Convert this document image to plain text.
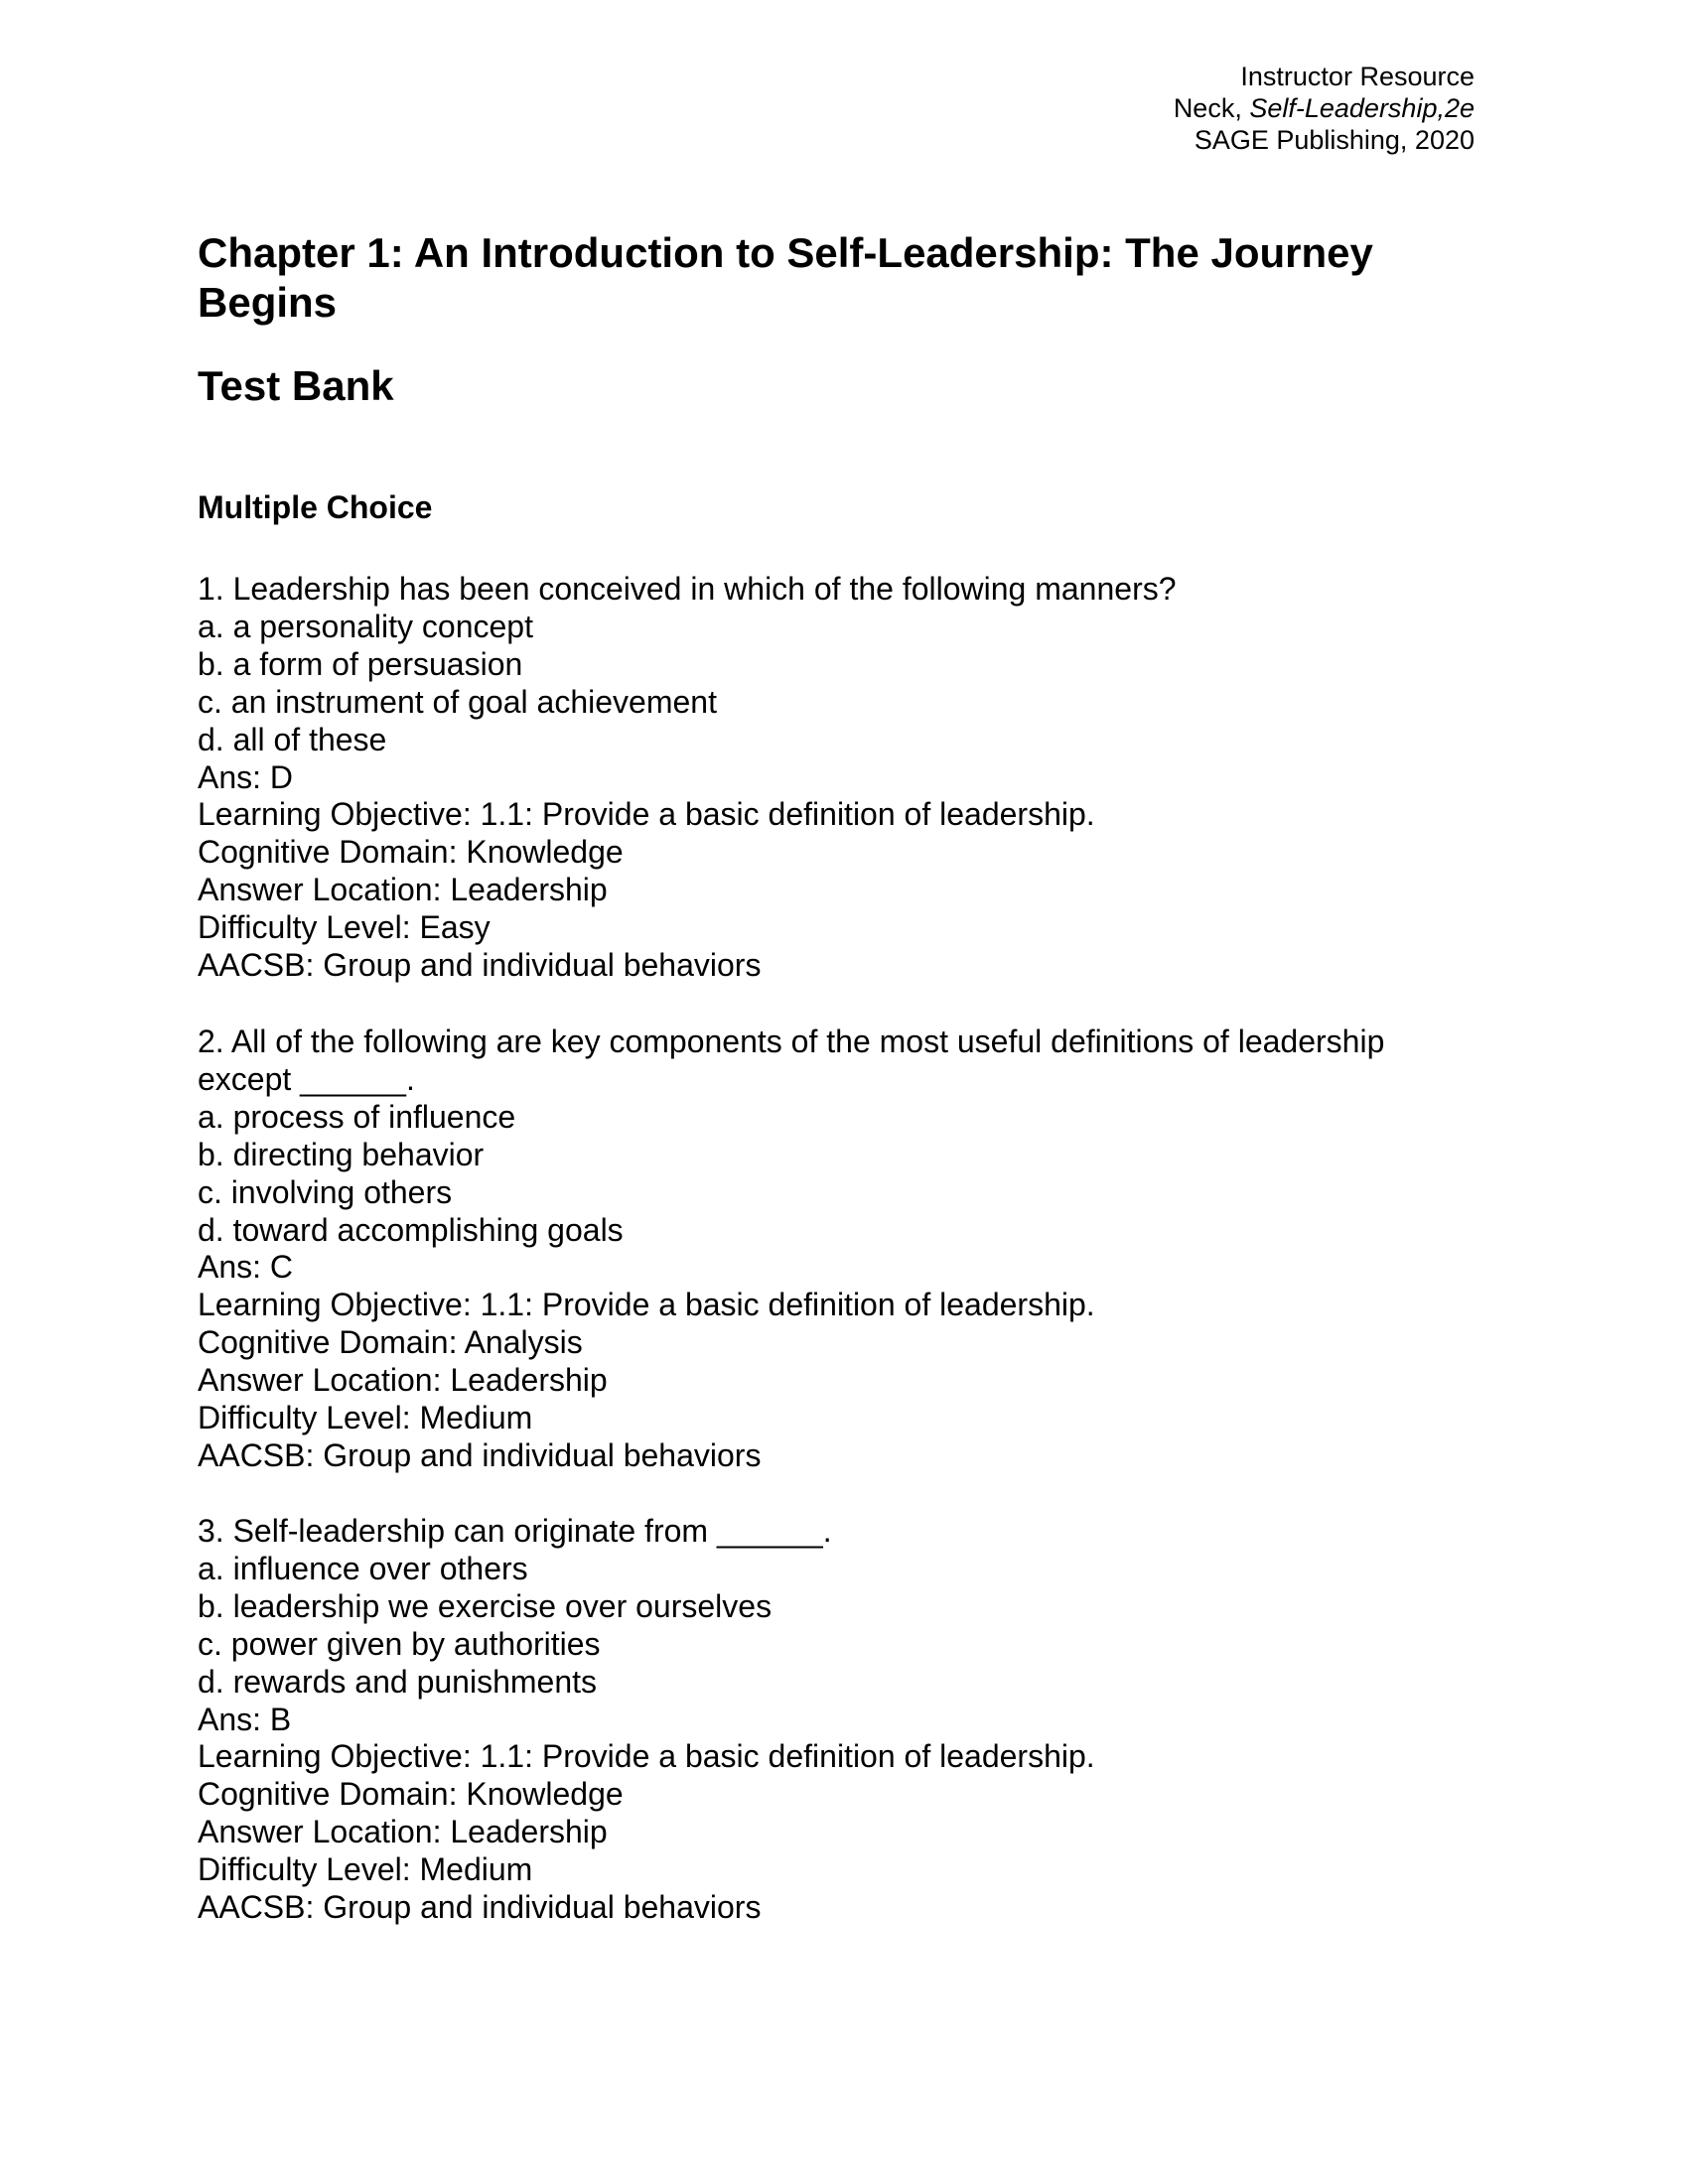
Instructor Resource
Neck, Self-Leadership,2e
SAGE Publishing, 2020
Chapter 1: An Introduction to Self-Leadership: The Journey Begins
Test Bank
Multiple Choice
1. Leadership has been conceived in which of the following manners?
a. a personality concept
b. a form of persuasion
c. an instrument of goal achievement
d. all of these
Ans: D
Learning Objective: 1.1: Provide a basic definition of leadership.
Cognitive Domain: Knowledge
Answer Location: Leadership
Difficulty Level: Easy
AACSB: Group and individual behaviors
2. All of the following are key components of the most useful definitions of leadership
except ______.
a. process of influence
b. directing behavior
c. involving others
d. toward accomplishing goals
Ans: C
Learning Objective: 1.1: Provide a basic definition of leadership.
Cognitive Domain: Analysis
Answer Location: Leadership
Difficulty Level: Medium
AACSB: Group and individual behaviors
3. Self-leadership can originate from ______.
a. influence over others
b. leadership we exercise over ourselves
c. power given by authorities
d. rewards and punishments
Ans: B
Learning Objective: 1.1: Provide a basic definition of leadership.
Cognitive Domain: Knowledge
Answer Location: Leadership
Difficulty Level: Medium
AACSB: Group and individual behaviors
